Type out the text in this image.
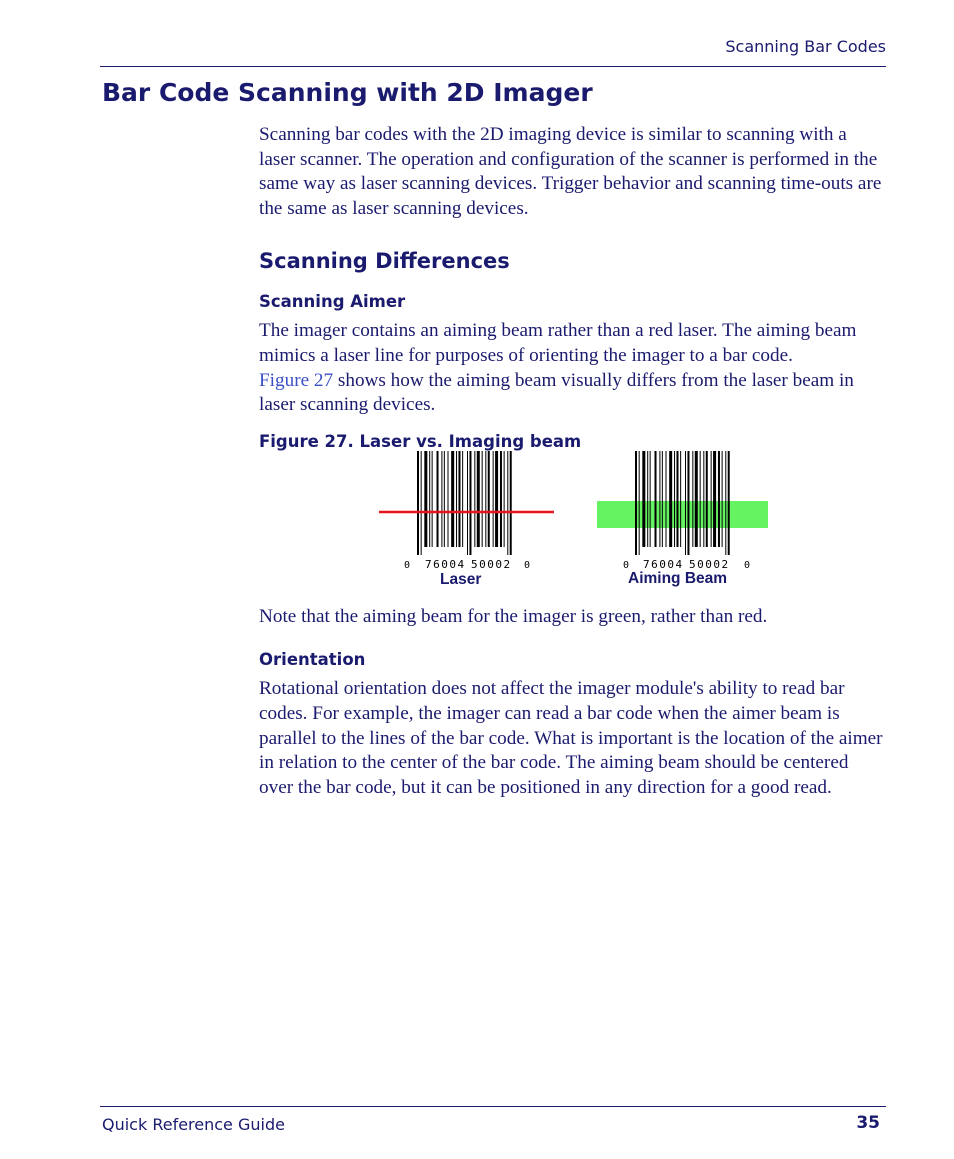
Scanning Bar Codes
Bar Code Scanning with 2D Imager

Scanning bar codes with the 2D imaging device is similar to scanning with a laser scanner. The operation and configuration of the scanner is performed in the same way as laser scanning devices. Trigger behavior and scanning time-outs are the same as laser scanning devices.

Scanning Differences
Scanning Aimer

The imager contains an aiming beam rather than a red laser. The aiming beam mimics a laser line for purposes of orienting the imager to a bar code.
Figure 27 shows how the aiming beam visually differs from the laser beam in laser scanning devices.

Figure 27. Laser vs. Imaging beam
0 76004 50002 0	0 76004 50002 0
Laser	Aiming Beam

Note that the aiming beam for the imager is green, rather than red.

Orientation

Rotational orientation does not affect the imager module's ability to read bar codes. For example, the imager can read a bar code when the aimer beam is parallel to the lines of the bar code. What is important is the location of the aimer in relation to the center of the bar code. The aiming beam should be centered over the bar code, but it can be positioned in any direction for a good read.

Quick Reference Guide	35
